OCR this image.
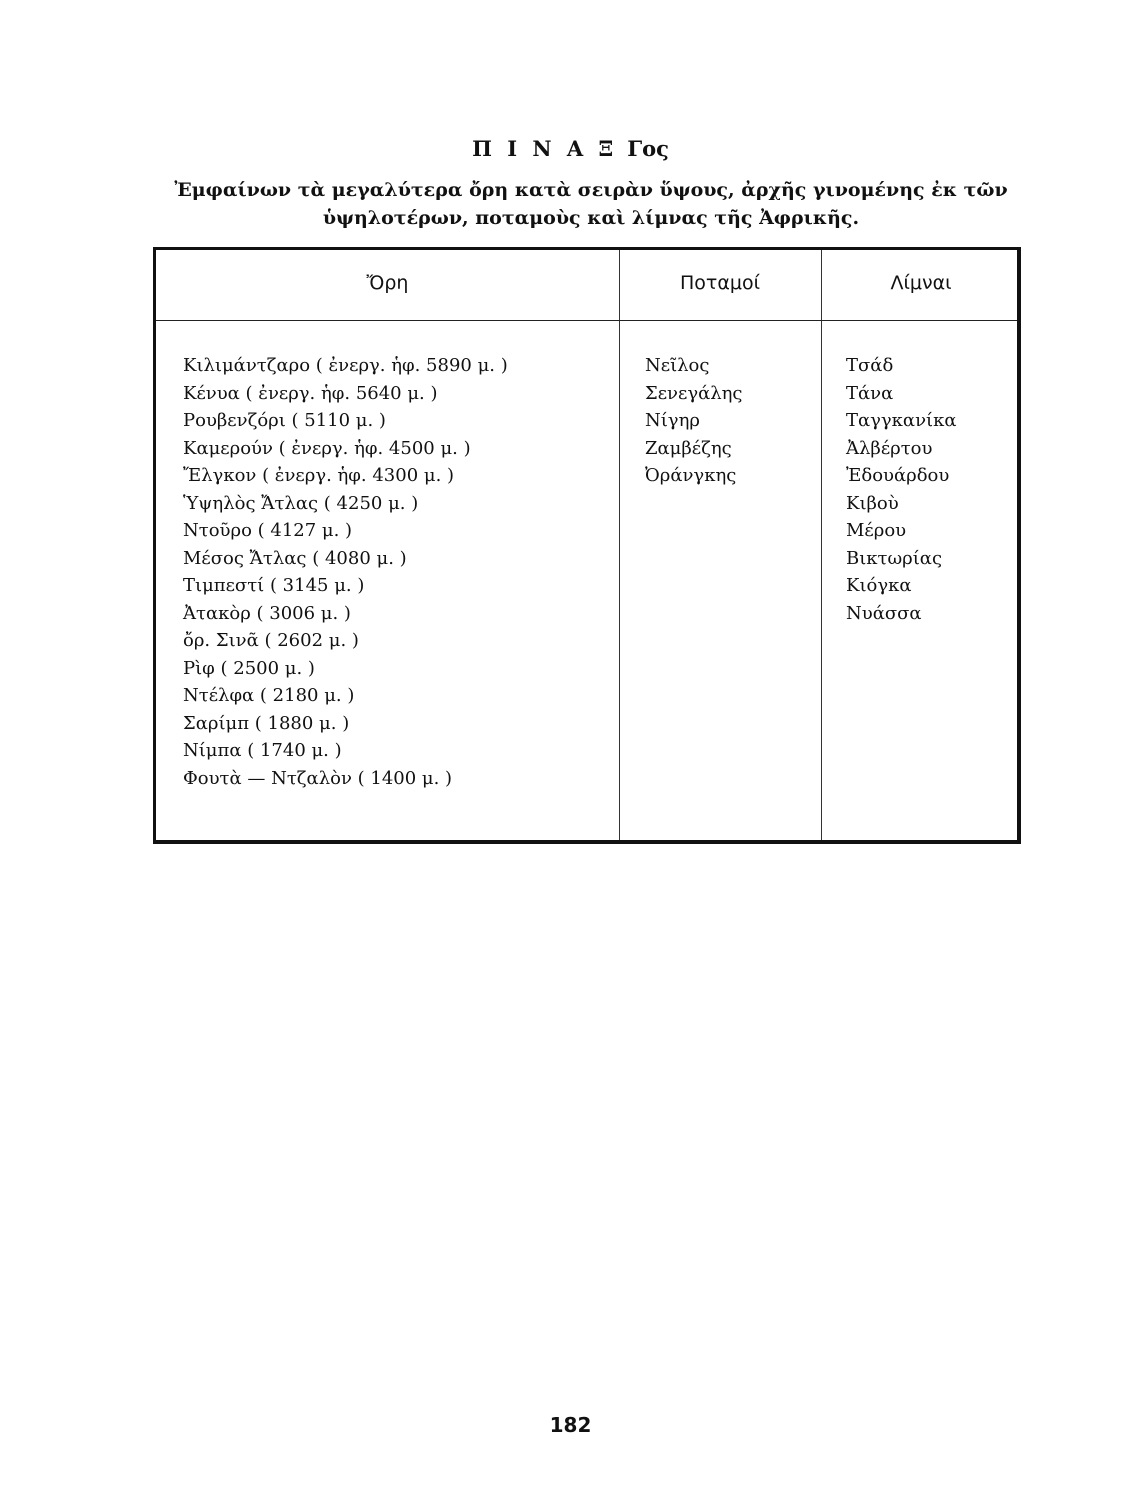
Π Ι Ν Α Ξ Γος
Ἐμφαίνων τὰ μεγαλύτερα ὄρη κατὰ σειρὰν ὕψους, ἀρχῆς γινομένης ἐκ τῶν ὑψηλοτέρων, ποταμοὺς καὶ λίμνας τῆς Ἀφρικῆς.
Ὄρη	Ποταμοί	Λίμναι
Κιλιμάντζαρο ( ἐνεργ. ἡφ. 5890 μ. )
Κένυα ( ἐνεργ. ἡφ. 5640 μ. )
Ρουβενζόρι ( 5110 μ. )
Καμερούν ( ἐνεργ. ἡφ. 4500 μ. )
Ἔλγκον ( ἐνεργ. ἡφ. 4300 μ. )
Ὑψηλὸς Ἄτλας ( 4250 μ. )
Ντοῦρο ( 4127 μ. )
Μέσος Ἄτλας ( 4080 μ. )
Τιμπεστί ( 3145 μ. )
Ἀτακὸρ ( 3006 μ. )
ὄρ. Σινᾶ ( 2602 μ. )
Ρὶφ ( 2500 μ. )
Ντέλφα ( 2180 μ. )
Σαρίμπ ( 1880 μ. )
Νίμπα ( 1740 μ. )
Φουτὰ — Ντζαλὸν ( 1400 μ. )
Νεῖλος
Σενεγάλης
Νίγηρ
Ζαμβέζης
Ὀράνγκης
Τσάδ
Τάνα
Ταγγκανίκα
Ἀλβέρτου
Ἐδουάρδου
Κιβοὺ
Μέρου
Βικτωρίας
Κιόγκα
Νυάσσα
182
